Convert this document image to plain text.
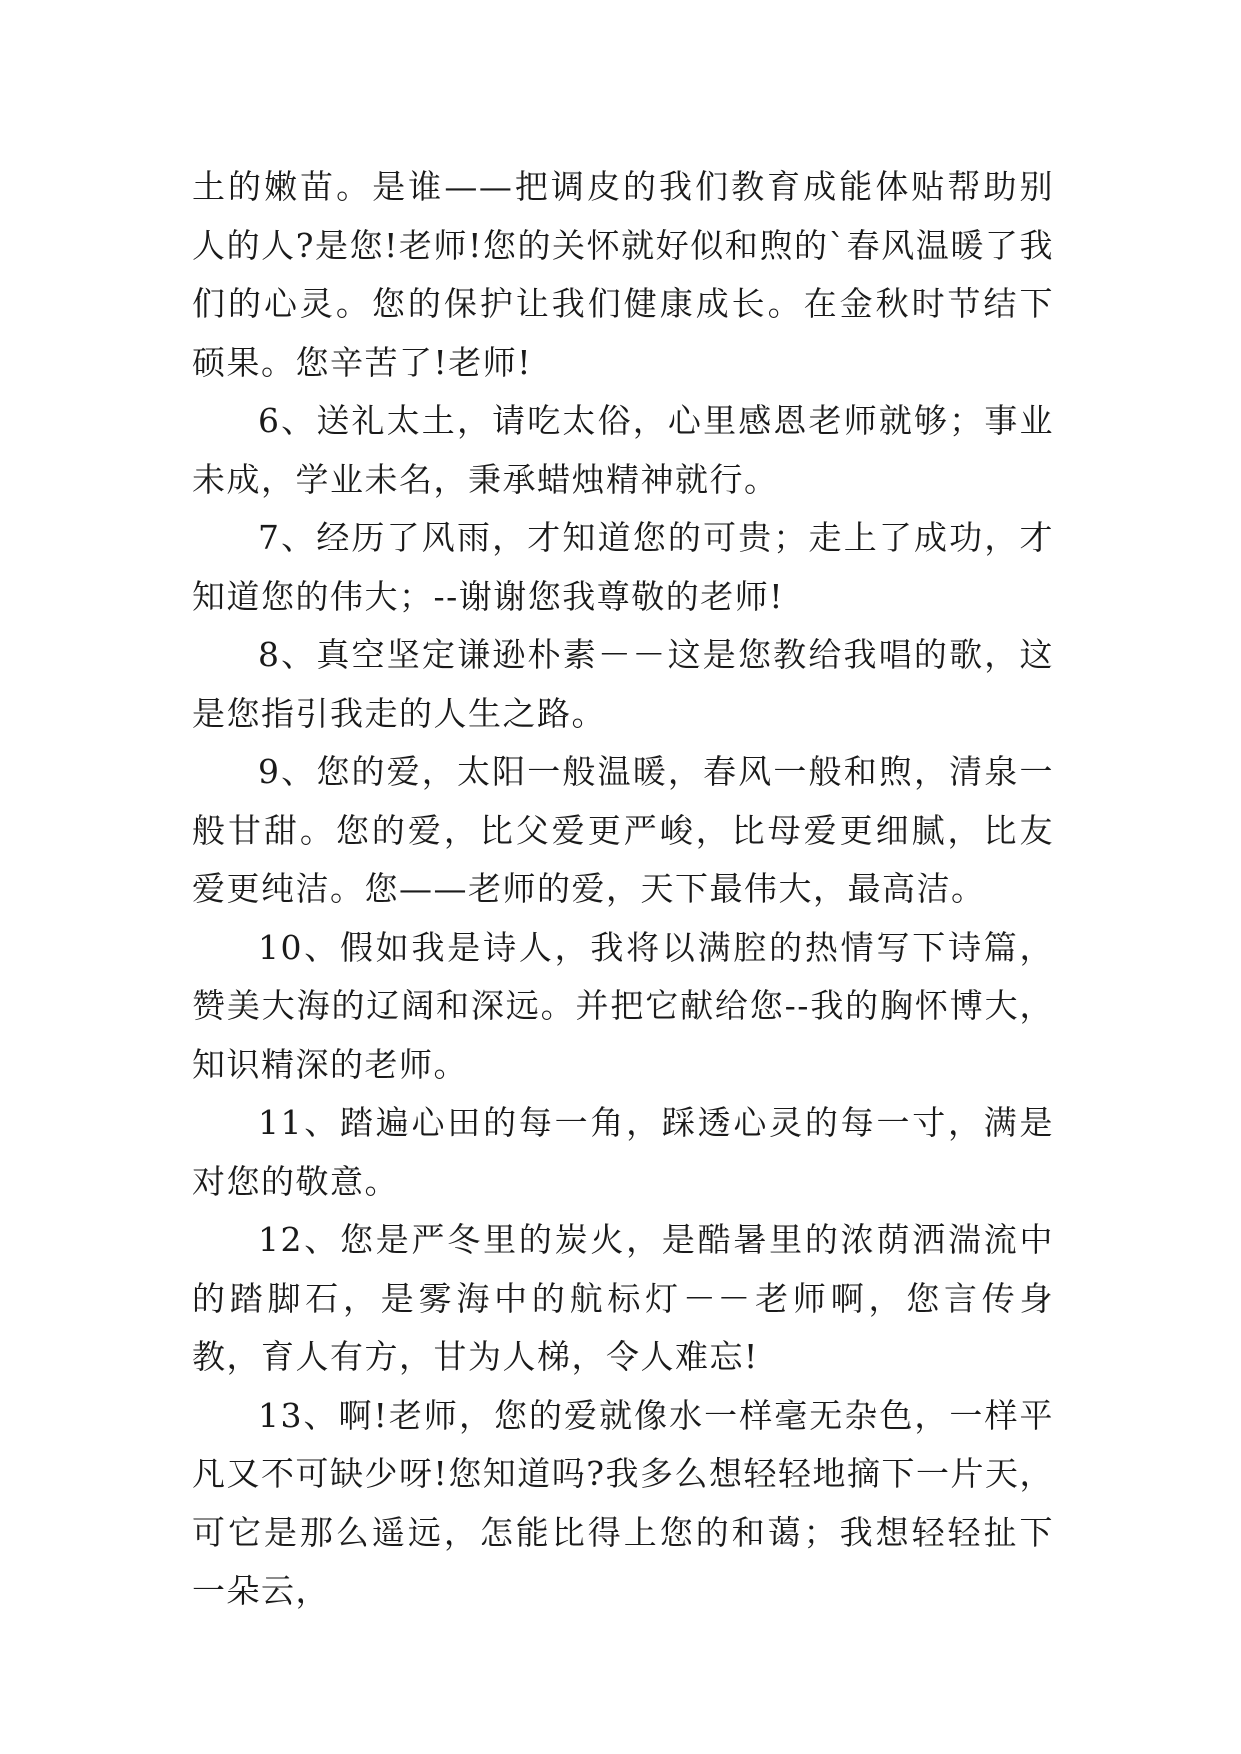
土的嫩苗。是谁——把调皮的我们教育成能体贴帮助别人的人?是您!老师!您的关怀就好似和煦的`春风温暖了我们的心灵。您的保护让我们健康成长。在金秋时节结下硕果。您辛苦了!老师!

6、送礼太土，请吃太俗，心里感恩老师就够；事业未成，学业未名，秉承蜡烛精神就行。

7、经历了风雨，才知道您的可贵；走上了成功，才知道您的伟大；--谢谢您我尊敬的老师!

8、真空坚定谦逊朴素－－这是您教给我唱的歌，这是您指引我走的人生之路。

9、您的爱，太阳一般温暖，春风一般和煦，清泉一般甘甜。您的爱，比父爱更严峻，比母爱更细腻，比友爱更纯洁。您——老师的爱，天下最伟大，最高洁。

10、假如我是诗人，我将以满腔的热情写下诗篇，赞美大海的辽阔和深远。并把它献给您--我的胸怀博大，知识精深的老师。

11、踏遍心田的每一角，踩透心灵的每一寸，满是对您的敬意。

12、您是严冬里的炭火，是酷暑里的浓荫洒湍流中的踏脚石，是雾海中的航标灯－－老师啊，您言传身教，育人有方，甘为人梯，令人难忘!

13、啊!老师，您的爱就像水一样毫无杂色，一样平凡又不可缺少呀!您知道吗?我多么想轻轻地摘下一片天，可它是那么遥远，怎能比得上您的和蔼；我想轻轻扯下一朵云，
